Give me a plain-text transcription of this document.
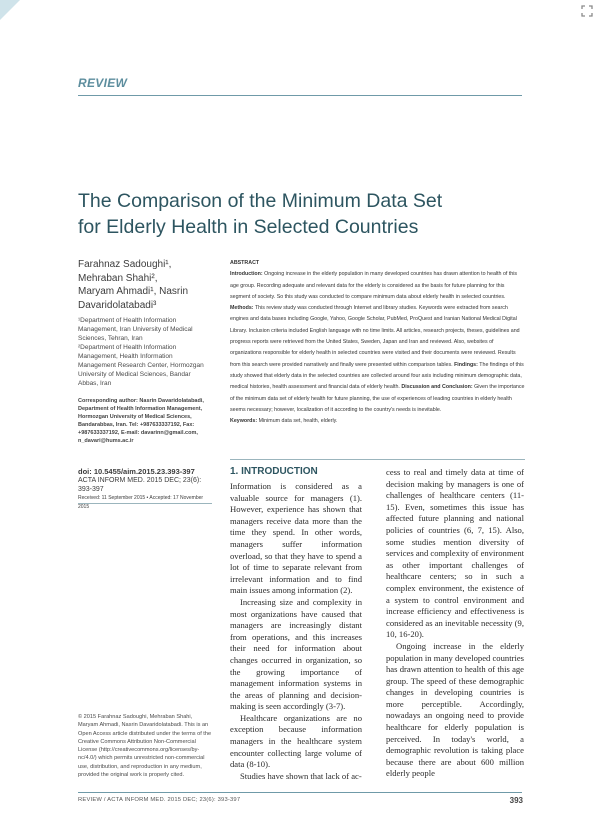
REVIEW
The Comparison of the Minimum Data Set
for Elderly Health in Selected Countries
Farahnaz Sadoughi¹,
Mehraban Shahi²,
Maryam Ahmadi¹, Nasrin
Davaridolatabadi³
¹Department of Health Information Management, Iran University of Medical Sciences, Tehran, Iran
²Department of Health Information Management, Health Information Management Research Center, Hormozgan University of Medical Sciences, Bandar Abbas, Iran
Corresponding author: Nasrin Davaridolatabadi, Department of Health Information Management, Hormozgan University of Medical Sciences, Bandarabbas, Iran. Tel: +987633337192, Fax: +987633337192, E-mail: davarinn@gmail.com, n_davari@hums.ac.ir
doi: 10.5455/aim.2015.23.393-397
ACTA INFORM MED. 2015 DEC; 23(6): 393-397
Received: 11 September 2015 • Accepted: 17 November 2015
ABSTRACT
Introduction: Ongoing increase in the elderly population in many developed countries has drawn attention to health of this age group. Recording adequate and relevant data for the elderly is considered as the basis for future planning for this segment of society. So this study was conducted to compare minimum data about elderly health in selected countries. Methods: This review study was conducted through Internet and library studies. Keywords were extracted from search engines and data bases including Google, Yahoo, Google Scholar, PubMed, ProQuest and Iranian National Medical Digital Library. Inclusion criteria included English language with no time limits. All articles, research projects, theses, guidelines and progress reports were retrieved from the United States, Sweden, Japan and Iran and reviewed. Also, websites of organizations responsible for elderly health in selected countries were visited and their documents were reviewed. Results from this search were provided narratively and finally were presented within comparison tables. Findings: The findings of this study showed that elderly data in the selected countries are collected around four axis including minimum demographic data, medical histories, health assessment and financial data of elderly health. Discussion and Conclusion: Given the importance of the minimum data set of elderly health for future planning, the use of experiences of leading countries in elderly health seems necessary; however, localization of it according to the country's needs is inevitable.
Keywords: Minimum data set, health, elderly.
1. INTRODUCTION

Information is considered as a valuable source for managers (1). However, experience has shown that managers receive data more than the time they spend. In other words, managers suffer information overload, so that they have to spend a lot of time to separate relevant from irrelevant information and to find main issues among information (2).

Increasing size and complexity in most organizations have caused that managers are increasingly distant from operations, and this increases their need for information about changes occurred in organization, so the growing importance of management information systems in the areas of planning and decision-making is seen accordingly (3-7).

Healthcare organizations are no exception because information managers in the healthcare system encounter collecting large volume of data (8-10).

Studies have shown that lack of ac-

cess to real and timely data at time of decision making by managers is one of challenges of healthcare centers (11-15). Even, sometimes this issue has affected future planning and national policies of countries (6, 7, 15). Also, some studies mention diversity of services and complexity of environment as other important challenges of healthcare centers; so in such a complex environment, the existence of a system to control environment and increase efficiency and effectiveness is considered as an inevitable necessity (9, 10, 16-20).

Ongoing increase in the elderly population in many developed countries has drawn attention to health of this age group. The speed of these demographic changes in developing countries is more perceptible. Accordingly, nowadays an ongoing need to provide healthcare for elderly population is perceived. In today's world, a demographic revolution is taking place because there are about 600 million elderly people

© 2015 Farahnaz Sadoughi, Mehraban Shahi, Maryam Ahmadi, Nasrin Davaridolatabadi. This is an Open Access article distributed under the terms of the Creative Commons Attribution Non-Commercial License (http://creativecommons.org/licenses/by-nc/4.0/) which permits unrestricted non-commercial use, distribution, and reproduction in any medium, provided the original work is properly cited.
REVIEW / ACTA INFORM MED. 2015 DEC; 23(6): 393-397	393
